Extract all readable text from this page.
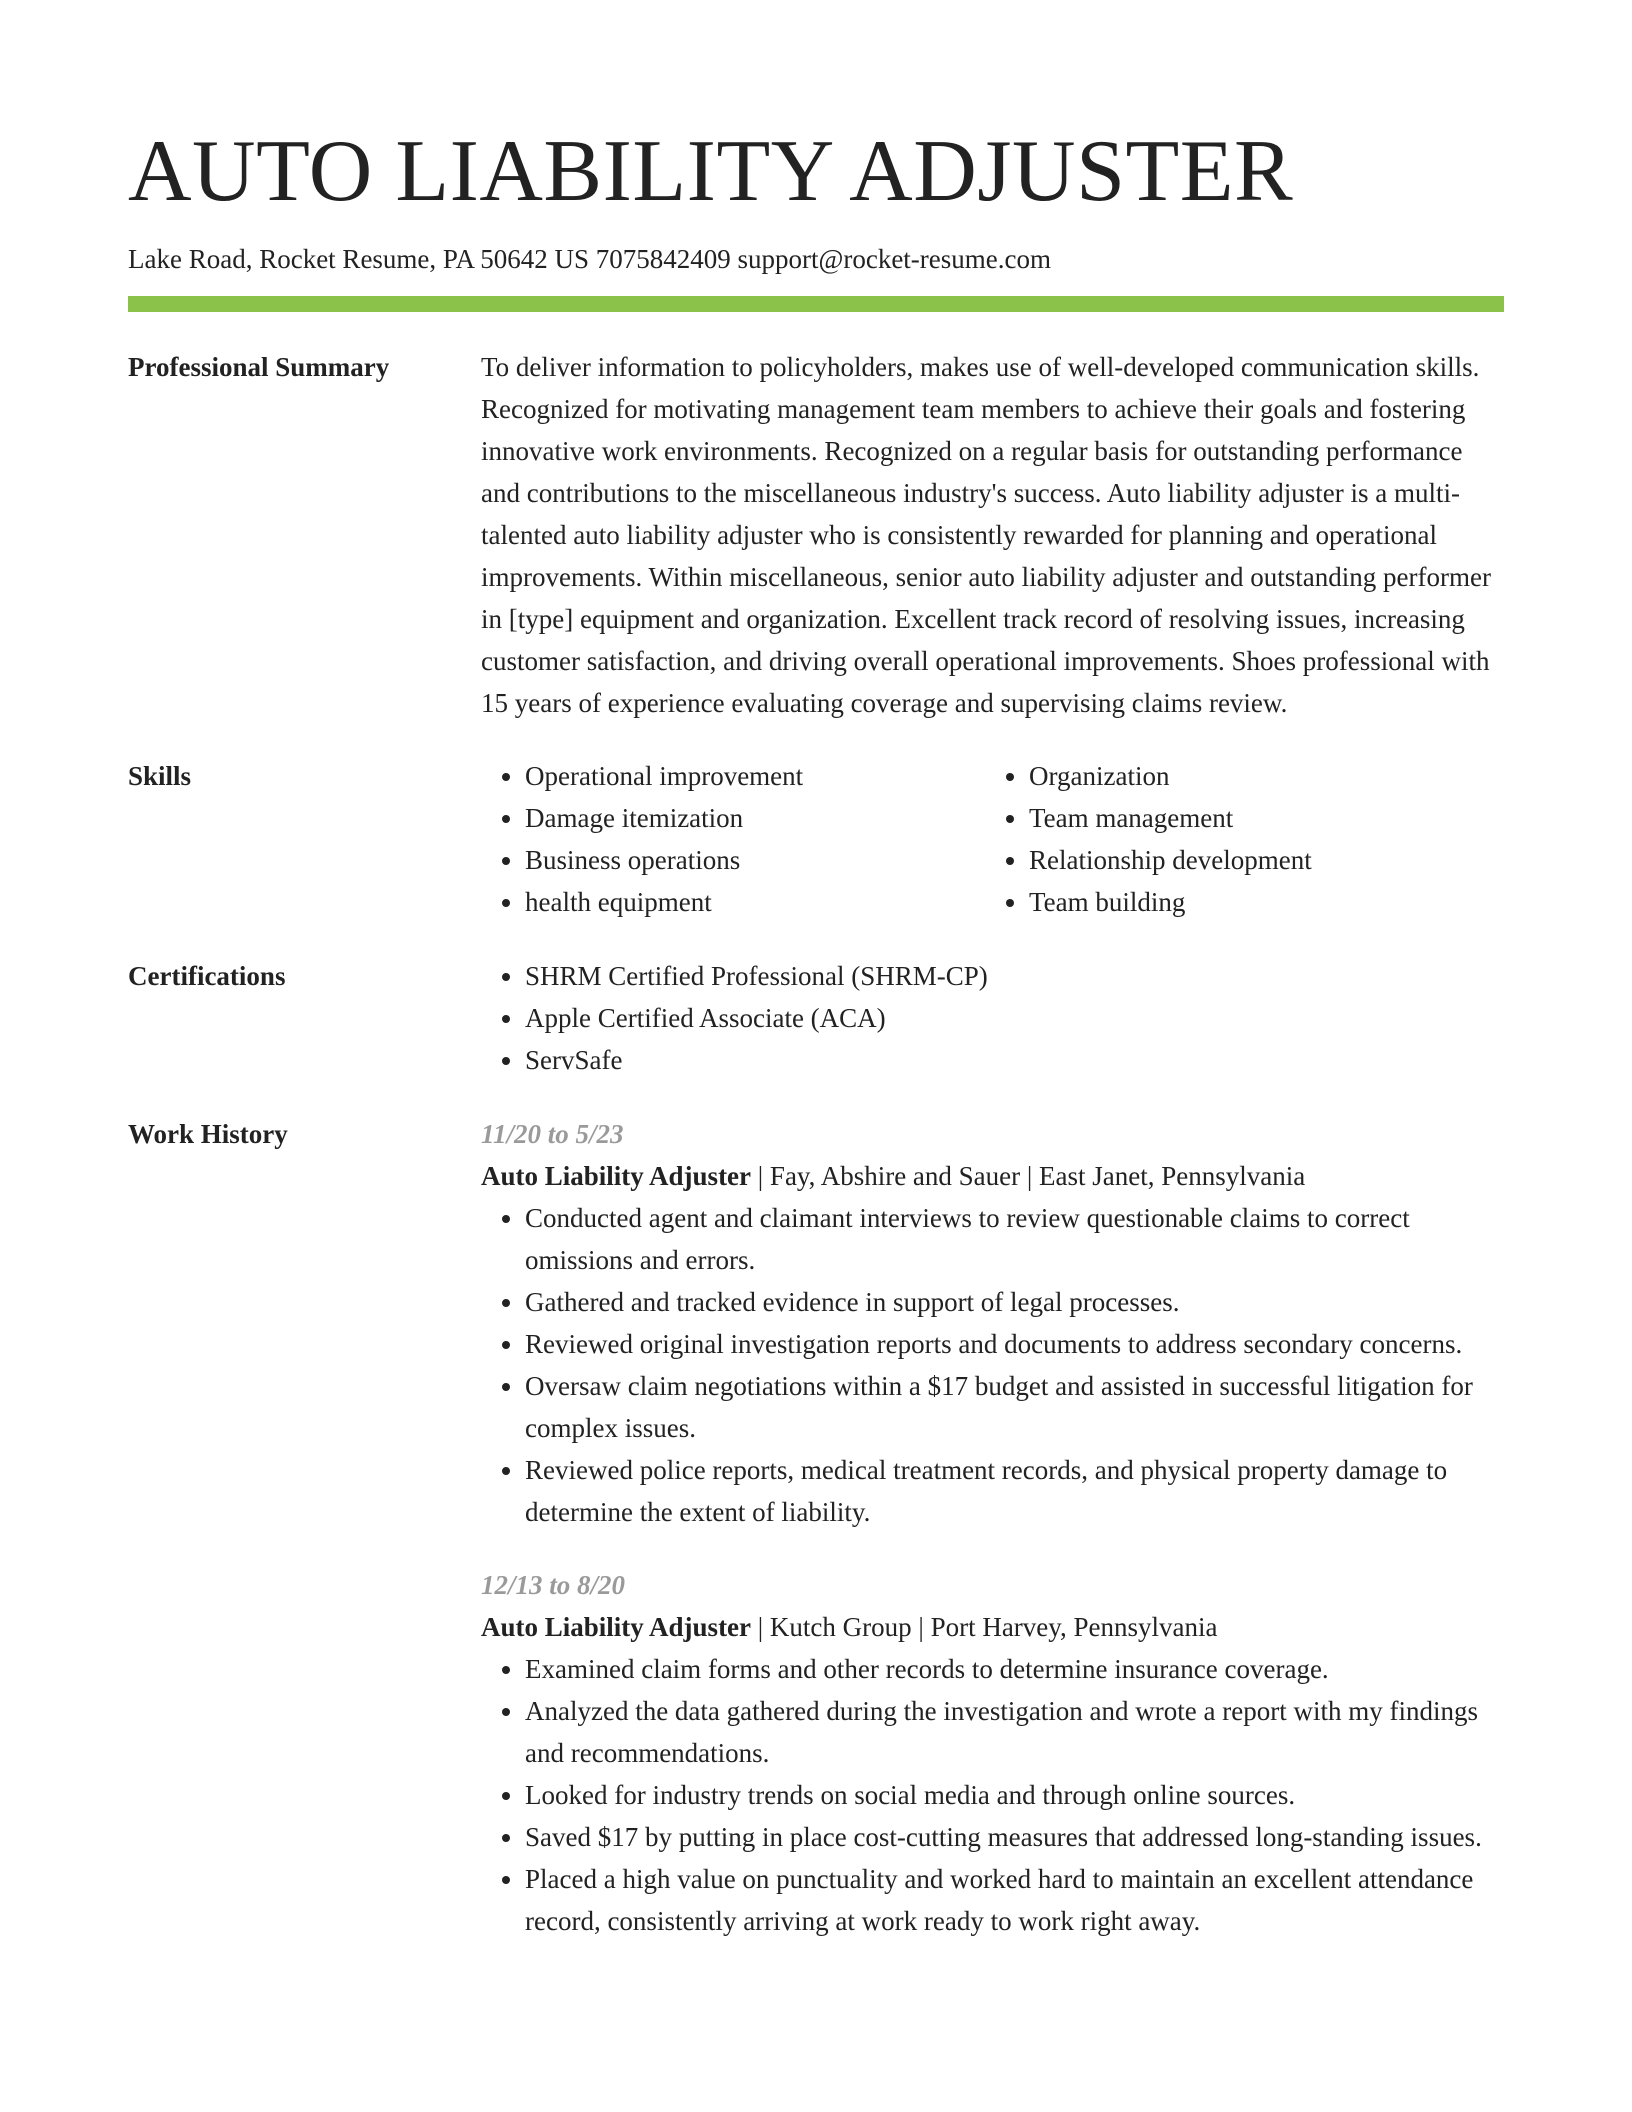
AUTO LIABILITY ADJUSTER
Lake Road, Rocket Resume, PA 50642 US 7075842409 support@rocket-resume.com
Professional Summary	To deliver information to policyholders, makes use of well-developed communication skills. Recognized for motivating management team members to achieve their goals and fostering innovative work environments. Recognized on a regular basis for outstanding performance and contributions to the miscellaneous industry's success. Auto liability adjuster is a multi-talented auto liability adjuster who is consistently rewarded for planning and operational improvements. Within miscellaneous, senior auto liability adjuster and outstanding performer in [type] equipment and organization. Excellent track record of resolving issues, increasing customer satisfaction, and driving overall operational improvements. Shoes professional with 15 years of experience evaluating coverage and supervising claims review.

Skills	• Operational improvement
• Damage itemization
• Business operations
• health equipment
• Organization
• Team management
• Relationship development
• Team building
Certifications	• SHRM Certified Professional (SHRM-CP)
• Apple Certified Associate (ACA)
• ServSafe
Work History	11/20 to 5/23
Auto Liability Adjuster | Fay, Abshire and Sauer | East Janet, Pennsylvania
• Conducted agent and claimant interviews to review questionable claims to correct omissions and errors.
• Gathered and tracked evidence in support of legal processes.
• Reviewed original investigation reports and documents to address secondary concerns.
• Oversaw claim negotiations within a $17 budget and assisted in successful litigation for complex issues.
• Reviewed police reports, medical treatment records, and physical property damage to determine the extent of liability.
12/13 to 8/20
Auto Liability Adjuster | Kutch Group | Port Harvey, Pennsylvania
• Examined claim forms and other records to determine insurance coverage.
• Analyzed the data gathered during the investigation and wrote a report with my findings and recommendations.
• Looked for industry trends on social media and through online sources.
• Saved $17 by putting in place cost-cutting measures that addressed long-standing issues.
• Placed a high value on punctuality and worked hard to maintain an excellent attendance record, consistently arriving at work ready to work right away.
